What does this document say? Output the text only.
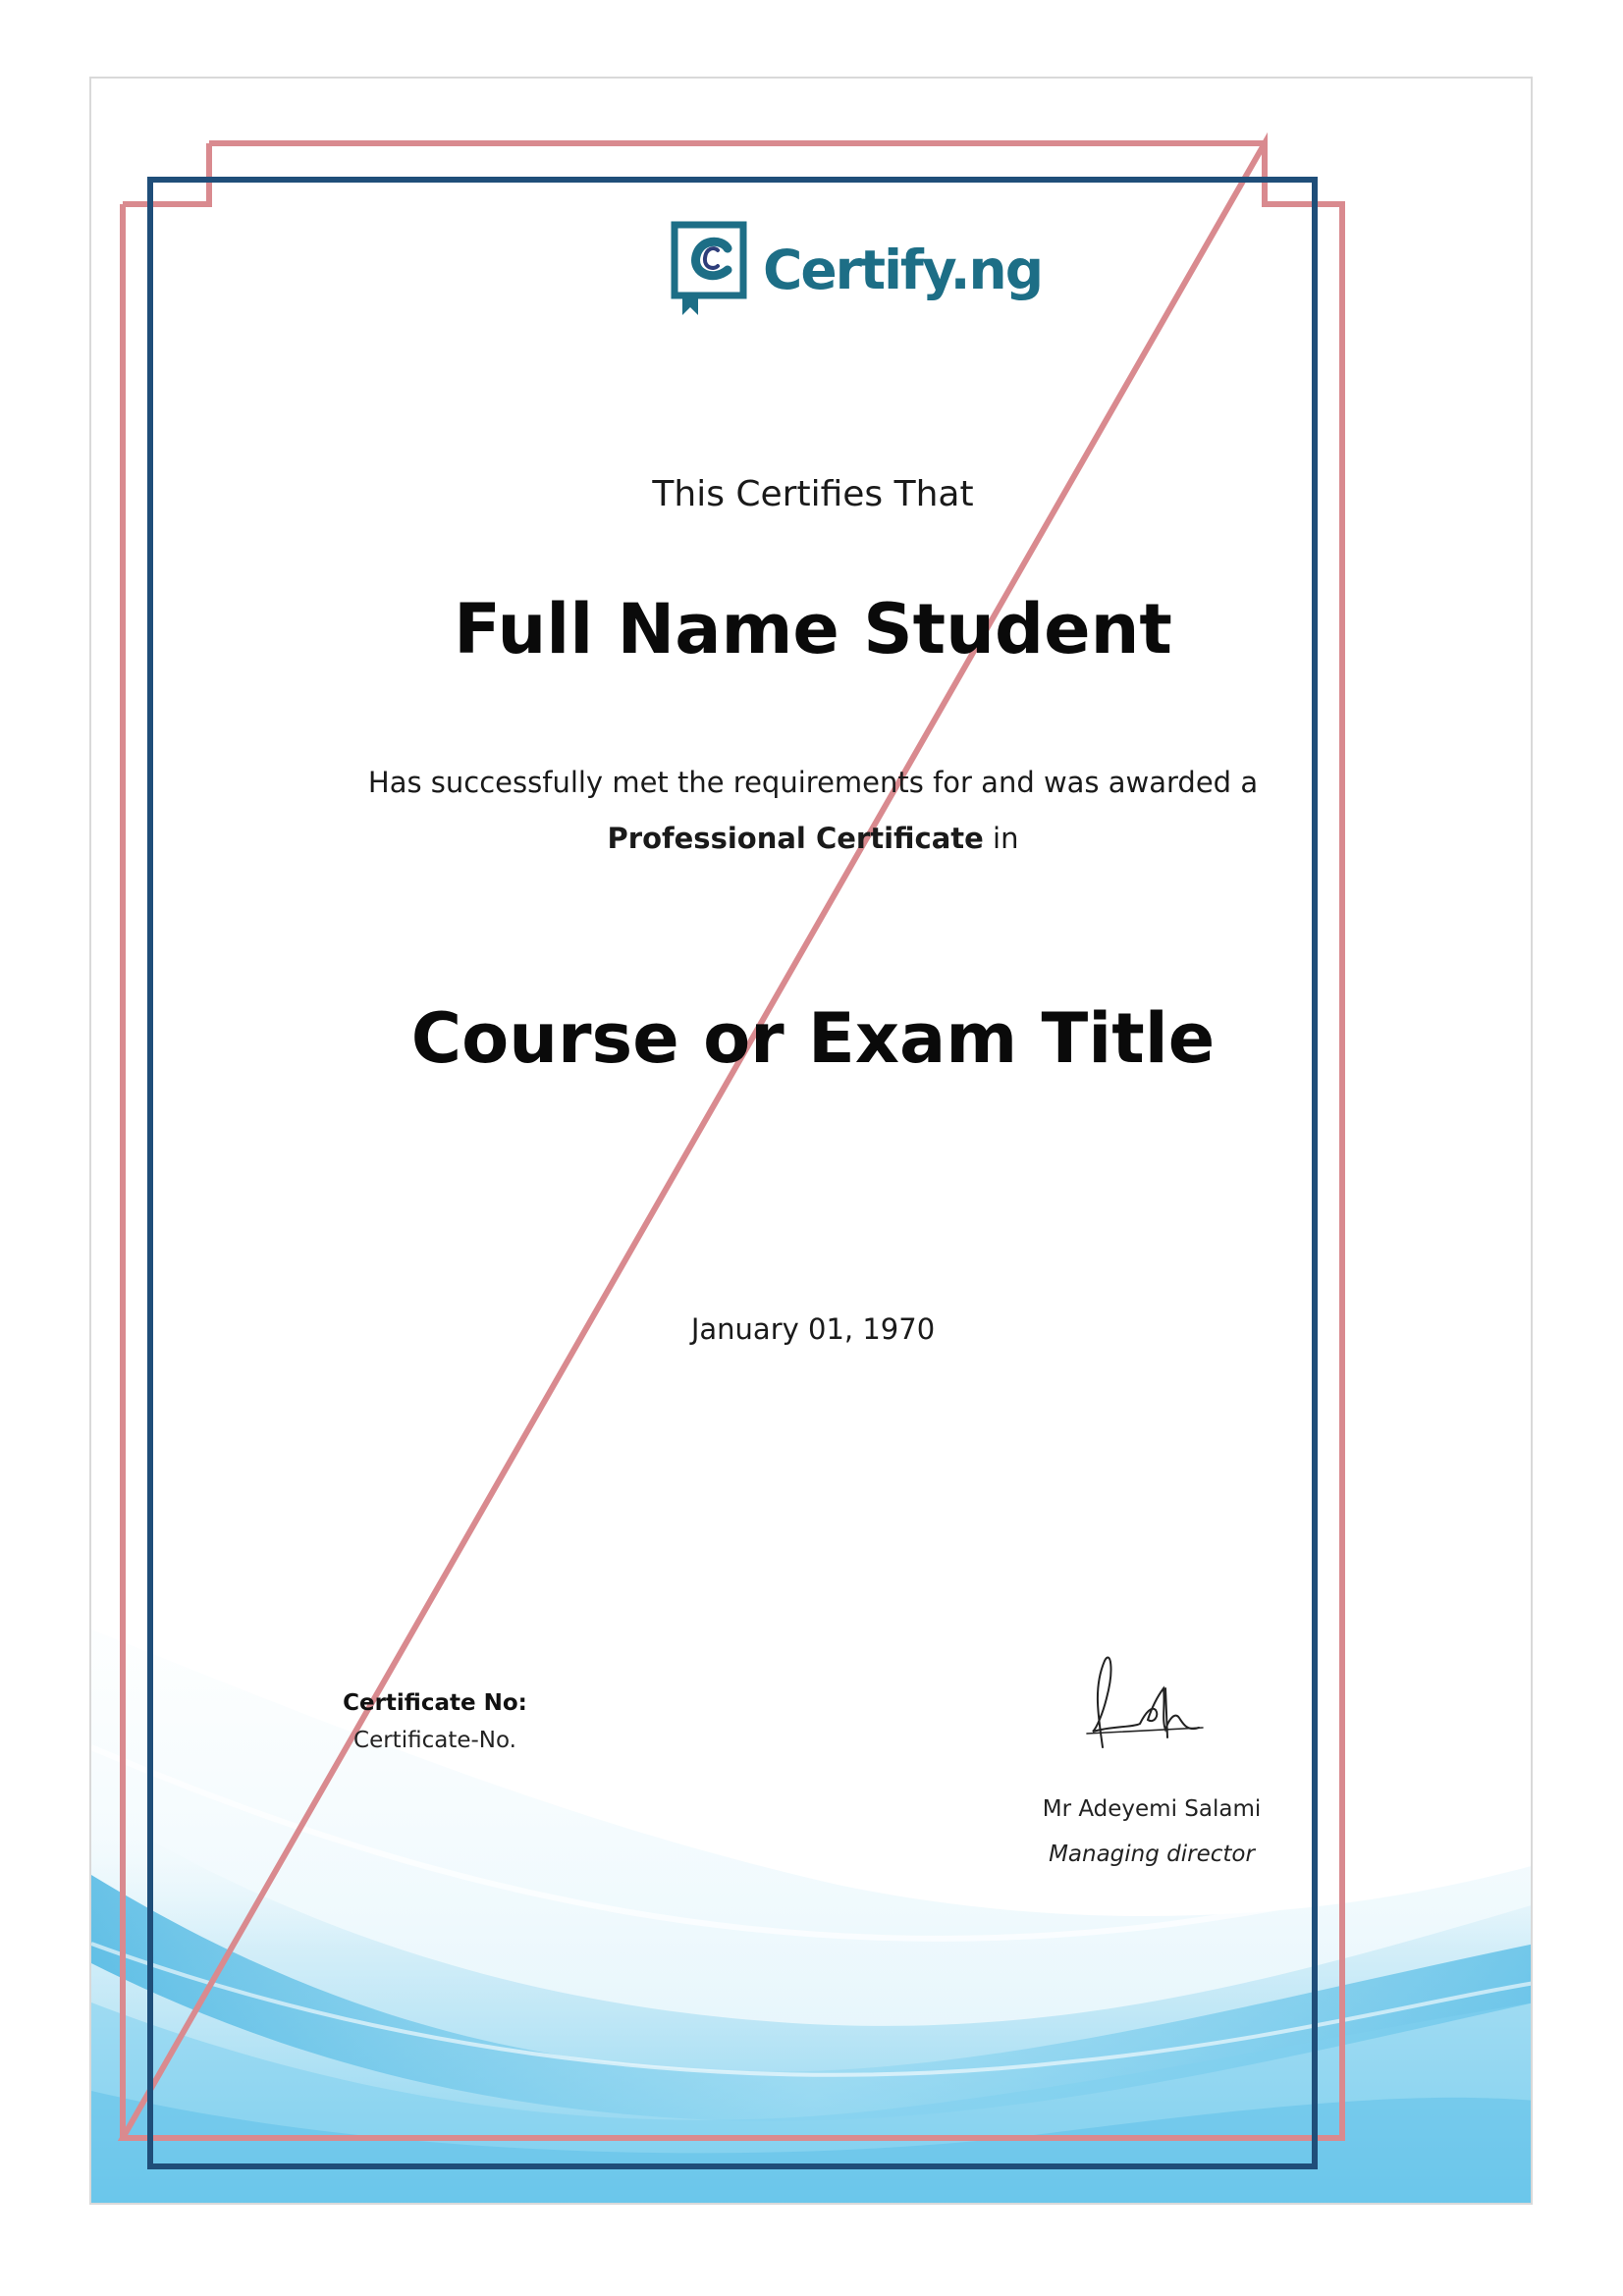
Certify.ng
This Certifies That
Full Name Student
Has successfully met the requirements for and was awarded a
Professional Certificate in
Course or Exam Title
January 01, 1970
Certificate No:
Certificate-No.
Mr Adeyemi Salami
Managing director
